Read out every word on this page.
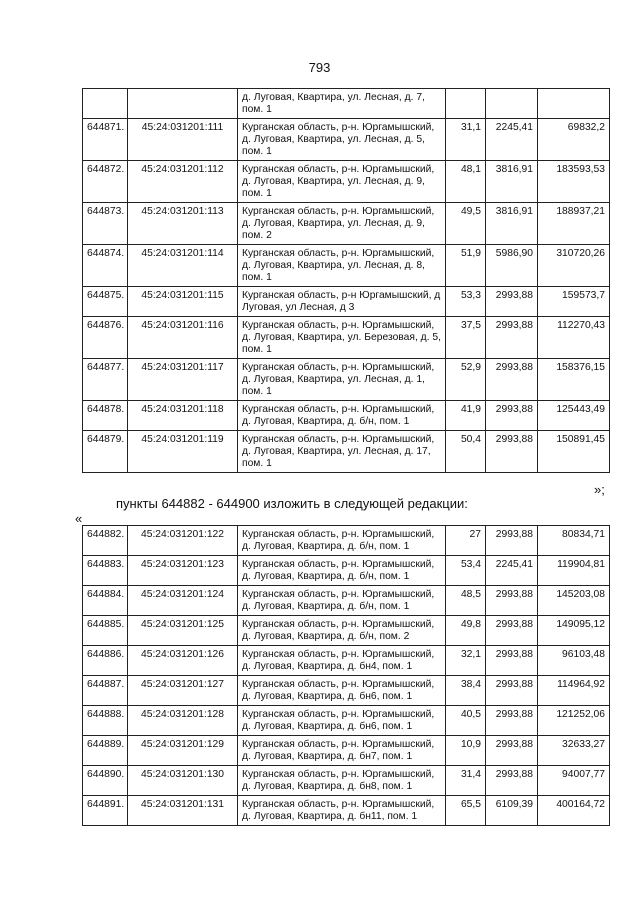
793
		д. Луговая, Квартира, ул. Лесная, д. 7, пом. 1			
644871.	45:24:031201:111	Курганская область, р-н. Юргамышский, д. Луговая, Квартира, ул. Лесная, д. 5, пом. 1	31,1	2245,41	69832,2
644872.	45:24:031201:112	Курганская область, р-н. Юргамышский, д. Луговая, Квартира, ул. Лесная, д. 9, пом. 1	48,1	3816,91	183593,53
644873.	45:24:031201:113	Курганская область, р-н. Юргамышский, д. Луговая, Квартира, ул. Лесная, д. 9, пом. 2	49,5	3816,91	188937,21
644874.	45:24:031201:114	Курганская область, р-н. Юргамышский, д. Луговая, Квартира, ул. Лесная, д. 8, пом. 1	51,9	5986,90	310720,26
644875.	45:24:031201:115	Курганская область, р-н Юргамышский, д Луговая, ул Лесная, д 3	53,3	2993,88	159573,7
644876.	45:24:031201:116	Курганская область, р-н. Юргамышский, д. Луговая, Квартира, ул. Березовая, д. 5, пом. 1	37,5	2993,88	112270,43
644877.	45:24:031201:117	Курганская область, р-н. Юргамышский, д. Луговая, Квартира, ул. Лесная, д. 1, пом. 1	52,9	2993,88	158376,15
644878.	45:24:031201:118	Курганская область, р-н. Юргамышский, д. Луговая, Квартира, д. б/н, пом. 1	41,9	2993,88	125443,49
644879.	45:24:031201:119	Курганская область, р-н. Юргамышский, д. Луговая, Квартира, ул. Лесная, д. 17, пом. 1	50,4	2993,88	150891,45
»;
пункты 644882 - 644900 изложить в следующей редакции:
«
644882.	45:24:031201:122	Курганская область, р-н. Юргамышский, д. Луговая, Квартира, д. б/н, пом. 1	27	2993,88	80834,71
644883.	45:24:031201:123	Курганская область, р-н. Юргамышский, д. Луговая, Квартира, д. б/н, пом. 1	53,4	2245,41	119904,81
644884.	45:24:031201:124	Курганская область, р-н. Юргамышский, д. Луговая, Квартира, д. б/н, пом. 1	48,5	2993,88	145203,08
644885.	45:24:031201:125	Курганская область, р-н. Юргамышский, д. Луговая, Квартира, д. б/н, пом. 2	49,8	2993,88	149095,12
644886.	45:24:031201:126	Курганская область, р-н. Юргамышский, д. Луговая, Квартира, д. бн4, пом. 1	32,1	2993,88	96103,48
644887.	45:24:031201:127	Курганская область, р-н. Юргамышский, д. Луговая, Квартира, д. бн6, пом. 1	38,4	2993,88	114964,92
644888.	45:24:031201:128	Курганская область, р-н. Юргамышский, д. Луговая, Квартира, д. бн6, пом. 1	40,5	2993,88	121252,06
644889.	45:24:031201:129	Курганская область, р-н. Юргамышский, д. Луговая, Квартира, д. бн7, пом. 1	10,9	2993,88	32633,27
644890.	45:24:031201:130	Курганская область, р-н. Юргамышский, д. Луговая, Квартира, д. бн8, пом. 1	31,4	2993,88	94007,77
644891.	45:24:031201:131	Курганская область, р-н. Юргамышский, д. Луговая, Квартира, д. бн11, пом. 1	65,5	6109,39	400164,72
